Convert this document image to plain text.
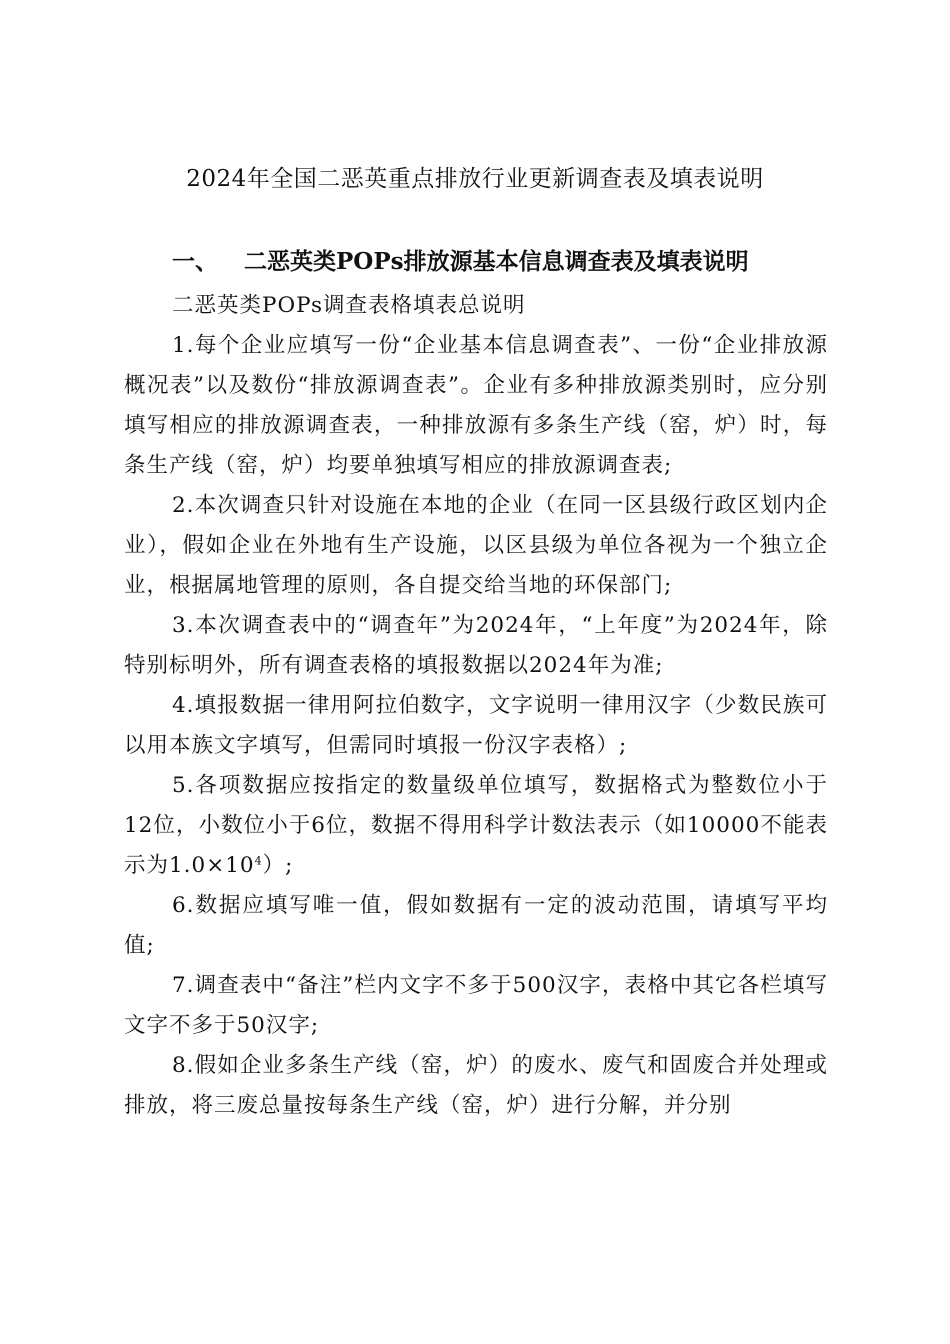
2024年全国二恶英重点排放行业更新调查表及填表说明
一、 二恶英类POPs排放源基本信息调查表及填表说明

二恶英类POPs调查表格填表总说明

1.每个企业应填写一份“企业基本信息调查表”、一份“企业排放源概况表”以及数份“排放源调查表”。企业有多种排放源类别时，应分别填写相应的排放源调查表，一种排放源有多条生产线（窑，炉）时，每条生产线（窑，炉）均要单独填写相应的排放源调查表;

2.本次调查只针对设施在本地的企业（在同一区县级行政区划内企业），假如企业在外地有生产设施，以区县级为单位各视为一个独立企业，根据属地管理的原则，各自提交给当地的环保部门;

3.本次调查表中的“调查年”为2024年，“上年度”为2024年，除特别标明外，所有调查表格的填报数据以2024年为准;

4.填报数据一律用阿拉伯数字，文字说明一律用汉字（少数民族可以用本族文字填写，但需同时填报一份汉字表格）;

5.各项数据应按指定的数量级单位填写，数据格式为整数位小于12位，小数位小于6位，数据不得用科学计数法表示（如10000不能表示为$1.0\times 10^4$）;

6.数据应填写唯一值，假如数据有一定的波动范围，请填写平均值;

7.调查表中“备注”栏内文字不多于500汉字，表格中其它各栏填写文字不多于50汉字;

8.假如企业多条生产线（窑，炉）的废水、废气和固废合并处理或排放，将三废总量按每条生产线（窑，炉）进行分解，并分别
